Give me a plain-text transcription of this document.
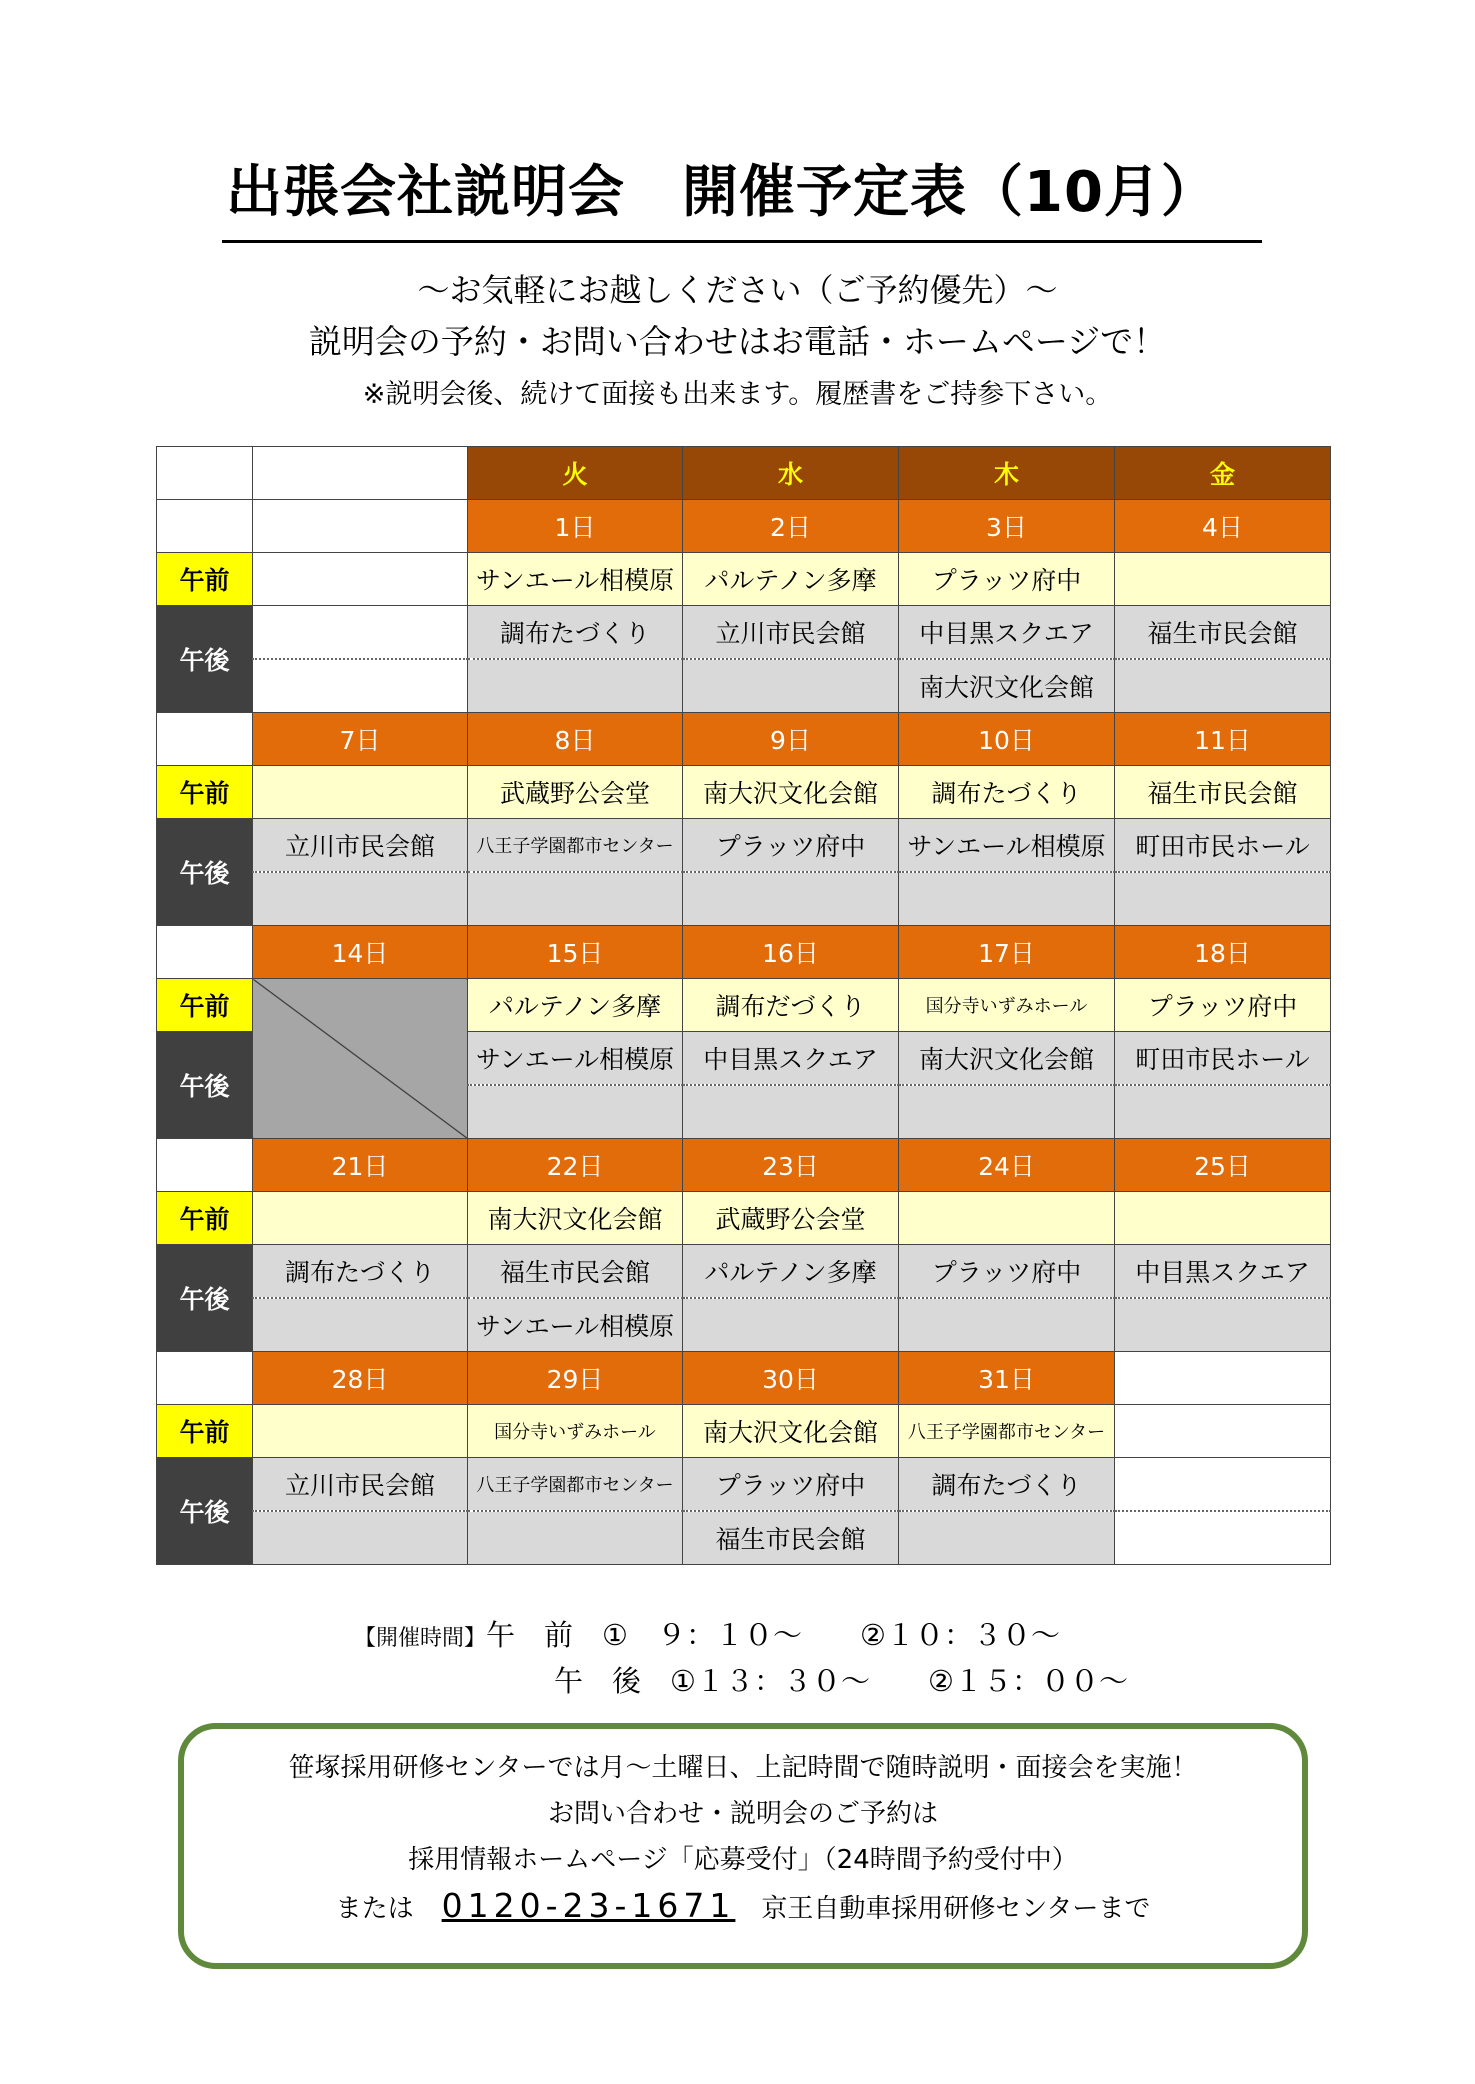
出張会社説明会　開催予定表（10月）
～お気軽にお越しください（ご予約優先）～
説明会の予約・お問い合わせはお電話・ホームページで！
※説明会後、続けて面接も出来ます。履歴書をご持参下さい。
		火	水	木	金
		1日	2日	3日	4日
午前		サンエール相模原	パルテノン多摩	プラッツ府中	
午後		調布たづくり	立川市民会館	中目黒スクエア	福生市民会館
				南大沢文化会館	
	7日	8日	9日	10日	11日
午前		武蔵野公会堂	南大沢文化会館	調布たづくり	福生市民会館
午後	立川市民会館	八王子学園都市センター	プラッツ府中	サンエール相模原	町田市民ホール

	14日	15日	16日	17日	18日
午前		パルテノン多摩	調布だづくり	国分寺いずみホール	プラッツ府中
午後		サンエール相模原	中目黒スクエア	南大沢文化会館	町田市民ホール

	21日	22日	23日	24日	25日
午前		南大沢文化会館	武蔵野公会堂		
午後	調布たづくり	福生市民会館	パルテノン多摩	プラッツ府中	中目黒スクエア
		サンエール相模原			
	28日	29日	30日	31日	
午前		国分寺いずみホール	南大沢文化会館	八王子学園都市センター	
午後	立川市民会館	八王子学園都市センター	プラッツ府中	調布たづくり	
			福生市民会館		
【開催時間】午　前　①　９：１０～　　②１０：３０～
午　後　①１３：３０～　　②１５：００～
笹塚採用研修センターでは月～土曜日、上記時間で随時説明・面接会を実施！
お問い合わせ・説明会のご予約は
採用情報ホームページ「応募受付」（24時間予約受付中）
または 0120-23-1671 京王自動車採用研修センターまで
